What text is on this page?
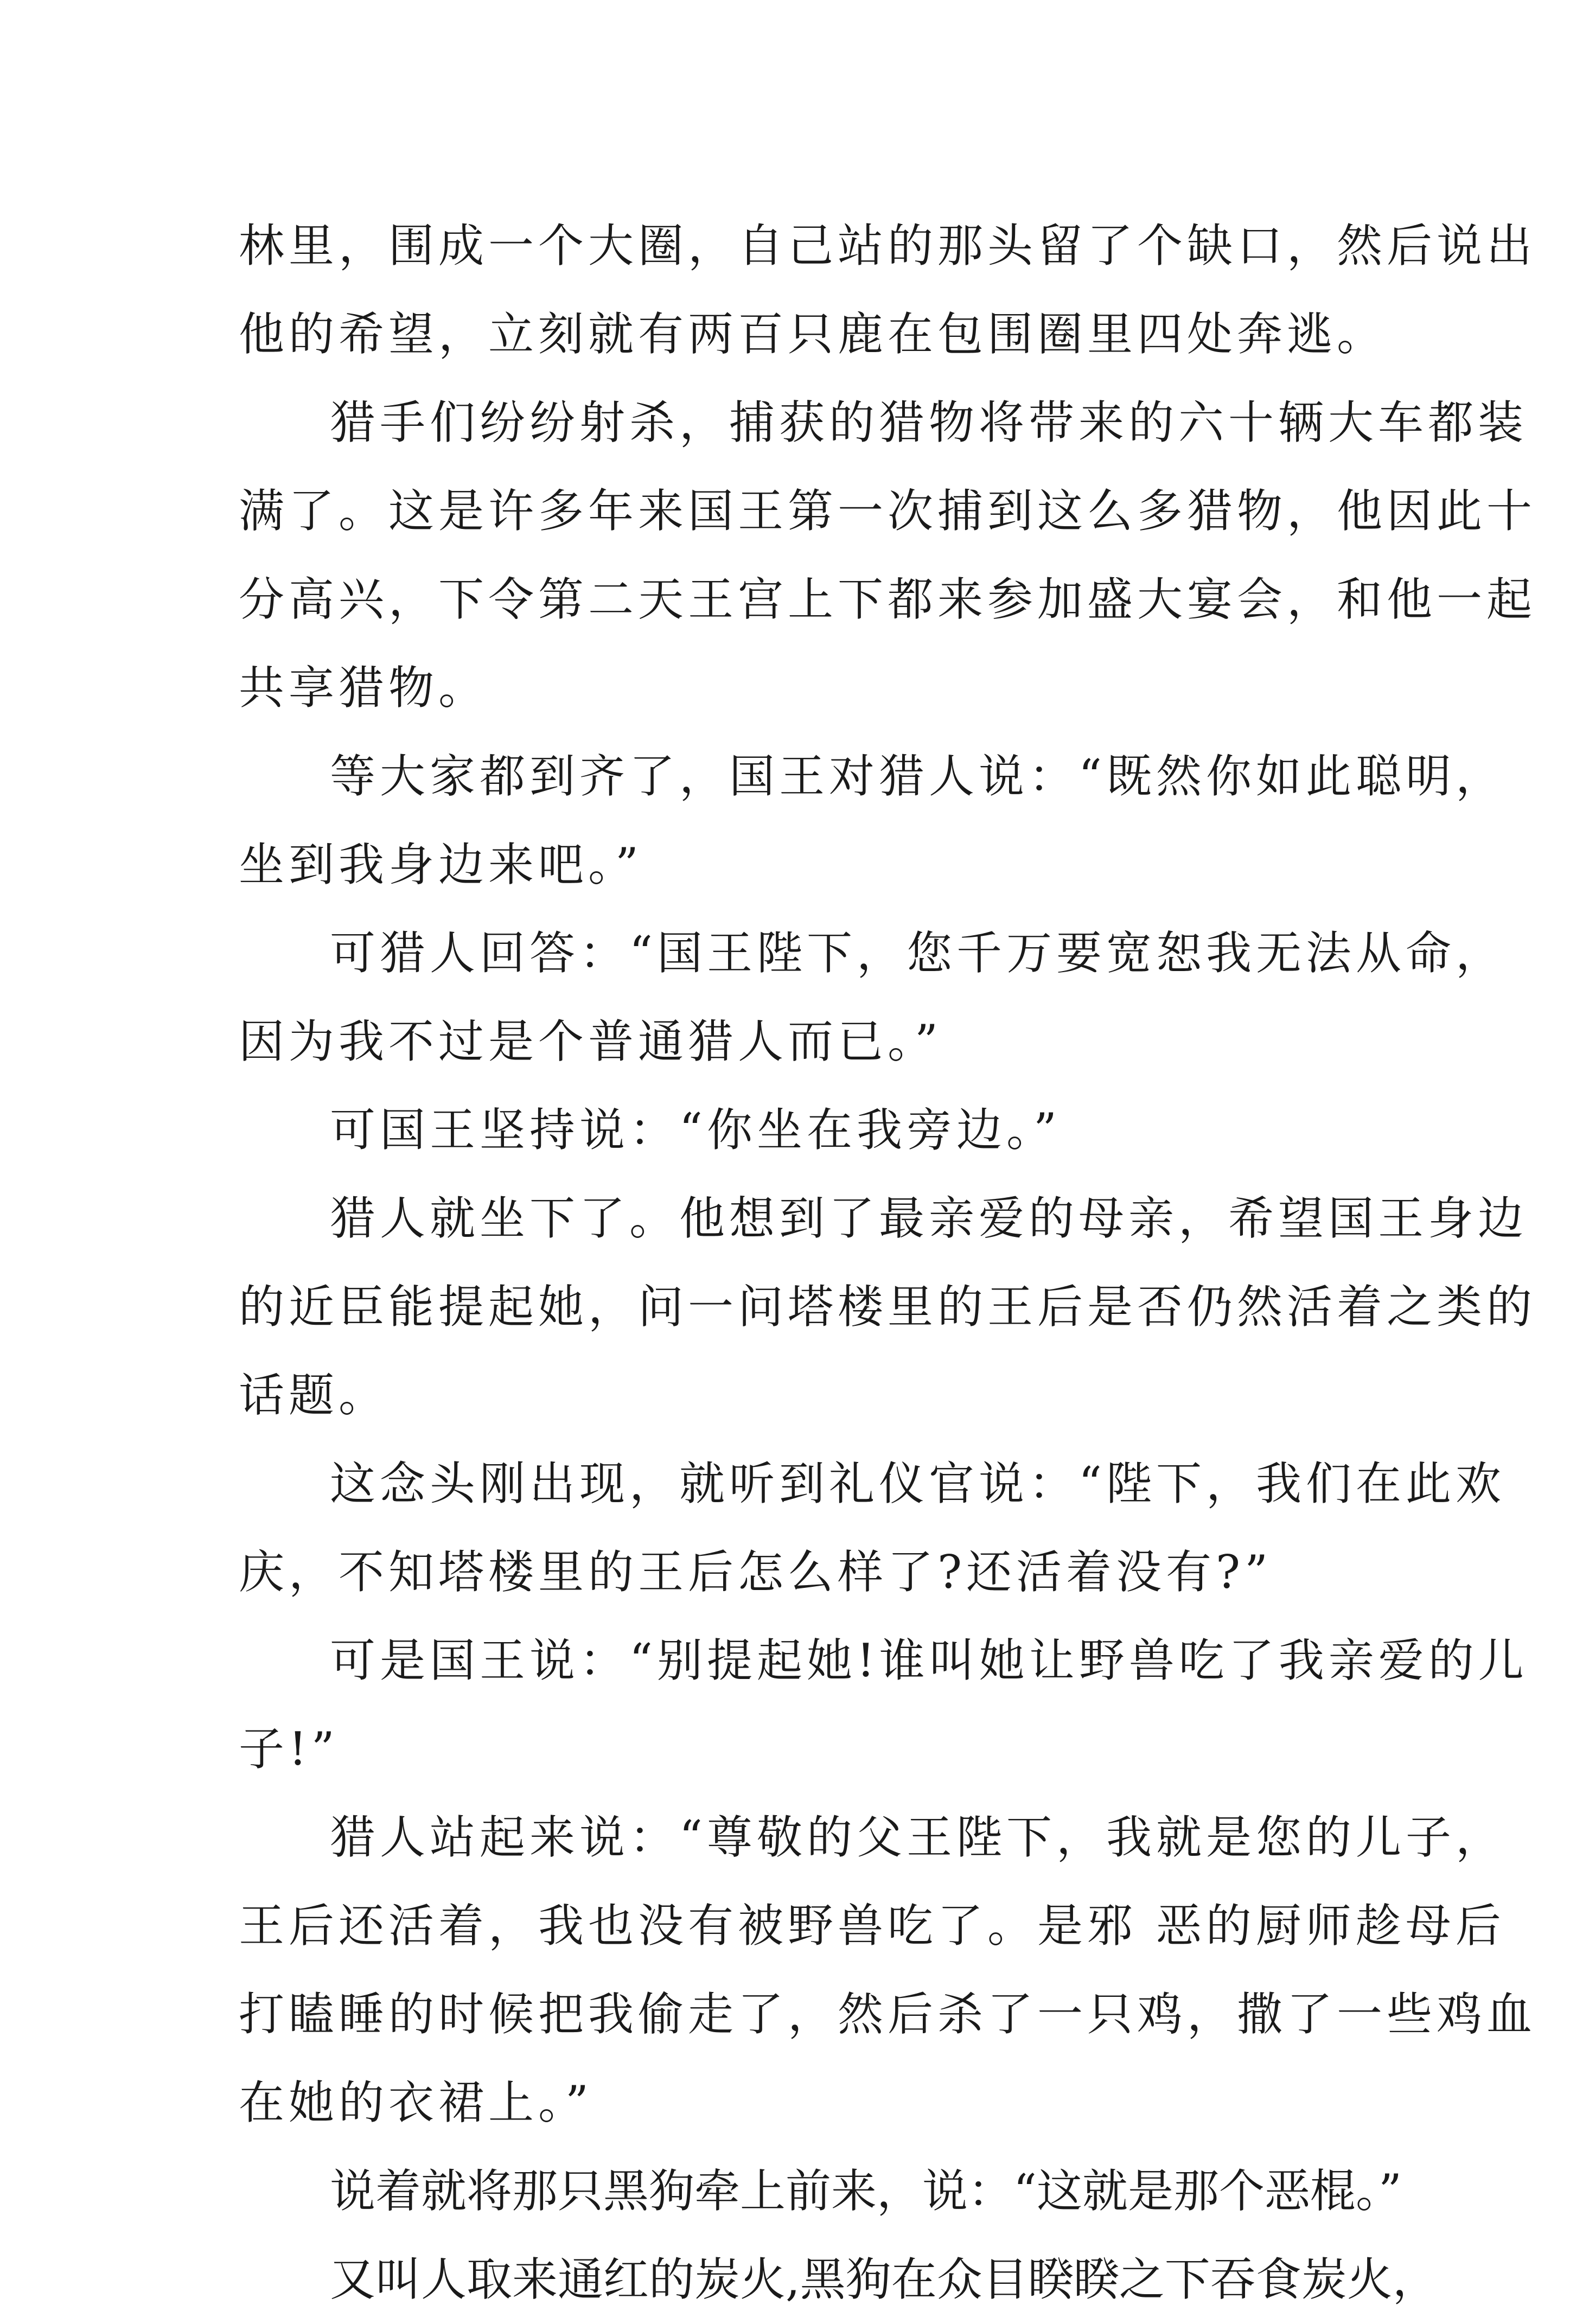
林里，围成一个大圈，自己站的那头留了个缺口，然后说出
他的希望，立刻就有两百只鹿在包围圈里四处奔逃。
猎手们纷纷射杀，捕获的猎物将带来的六十辆大车都装
满了。这是许多年来国王第一次捕到这么多猎物，他因此十
分高兴，下令第二天王宫上下都来参加盛大宴会，和他一起
共享猎物。
等大家都到齐了，国王对猎人说：“既然你如此聪明，
坐到我身边来吧。”
可猎人回答：“国王陛下，您千万要宽恕我无法从命，
因为我不过是个普通猎人而已。”
可国王坚持说：“你坐在我旁边。”
猎人就坐下了。他想到了最亲爱的母亲，希望国王身边
的近臣能提起她，问一问塔楼里的王后是否仍然活着之类的
话题。
这念头刚出现，就听到礼仪官说：“陛下，我们在此欢
庆，不知塔楼里的王后怎么样了?还活着没有?”
可是国王说：“别提起她!谁叫她让野兽吃了我亲爱的儿
子!”
猎人站起来说：“尊敬的父王陛下，我就是您的儿子，
王后还活着，我也没有被野兽吃了。是邪 恶的厨师趁母后
打瞌睡的时候把我偷走了，然后杀了一只鸡，撒了一些鸡血
在她的衣裙上。”
说着就将那只黑狗牵上前来，说：“这就是那个恶棍。”
又叫人取来通红的炭火,黑狗在众目睽睽之下吞食炭火，
